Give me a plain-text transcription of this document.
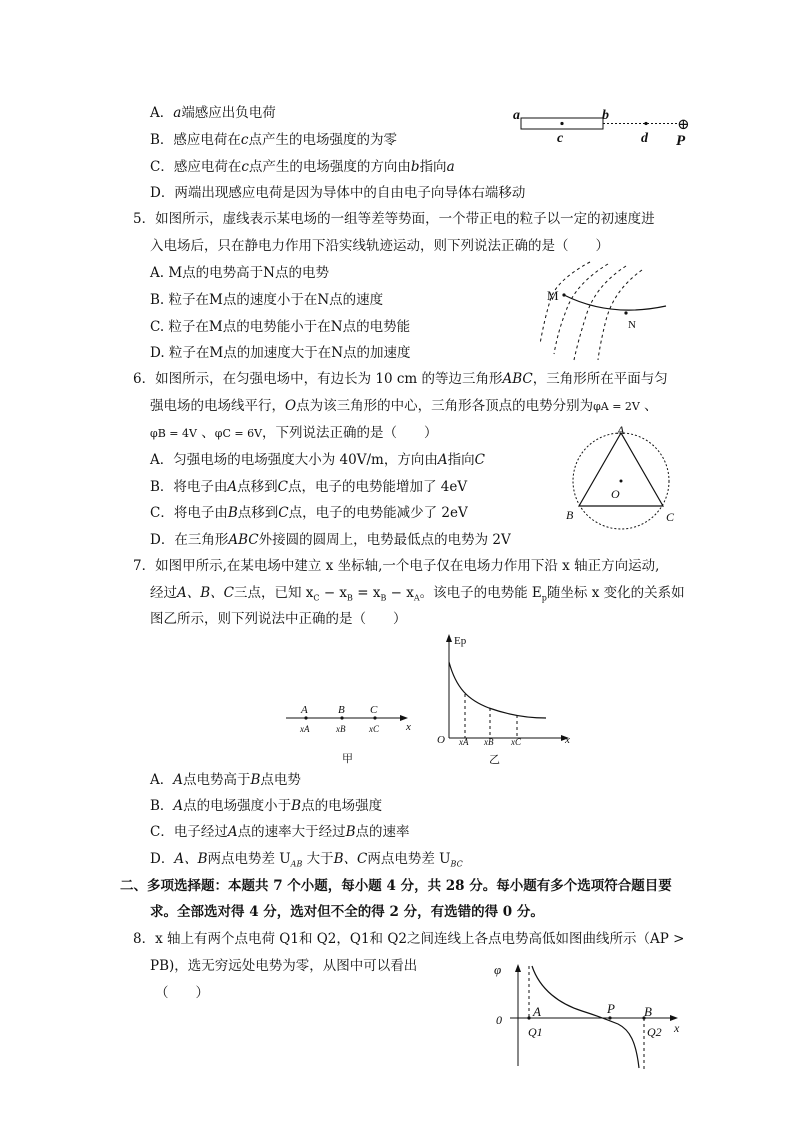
A．a端感应出负电荷
B．感应电荷在c点产生的电场强度的为零
C．感应电荷在c点产生的电场强度的方向由b指向a
D．两端出现感应电荷是因为导体中的自由电子向导体右端移动
a	b
c	d
⊕
P
5．如图所示，虚线表示某电场的一组等差等势面，一个带正电的粒子以一定的初速度进
入电场后，只在静电力作用下沿实线轨迹运动，则下列说法正确的是（　　）
A. M点的电势高于N点的电势
B. 粒子在M点的速度小于在N点的速度
C. 粒子在M点的电势能小于在N点的电势能
D. 粒子在M点的加速度大于在N点的加速度
M
N
6．如图所示，在匀强电场中，有边长为 10 cm 的等边三角形ABC，三角形所在平面与匀
强电场的电场线平行，O点为该三角形的中心，三角形各顶点的电势分别为φA = 2V 、
φB = 4V 、φC = 6V，下列说法正确的是（　　）
A．匀强电场的电场强度大小为 40V/m，方向由A指向C
B．将电子由A点移到C点，电子的电势能增加了 4eV
C．将电子由B点移到C点，电子的电势能减少了 2eV
D．在三角形ABC外接圆的圆周上，电势最低点的电势为 2V
A
B	C
O
7．如图甲所示,在某电场中建立 x 坐标轴,一个电子仅在电场力作用下沿 x 轴正方向运动,
经过A、B、C三点，已知 $x_C - x_B = x_B - x_A$。该电子的电势能 $E_p$随坐标 x 变化的关系如
图乙所示，则下列说法中正确的是（　　）
A	B C
xA	xB	xC x
甲
Ep
O xA xB xC	x
乙
A．A点电势高于B点电势
B．A点的电场强度小于B点的电场强度
C．电子经过A点的速率大于经过B点的速率
D．A、B两点电势差 $U_{AB}$ 大于B、C两点电势差 $U_{BC}$
二、多项选择题：本题共 7 个小题，每小题 4 分，共 28 分。每小题有多个选项符合题目要
求。全部选对得 4 分，选对但不全的得 2 分，有选错的得 0 分。
8．x 轴上有两个点电荷 Q1和 Q2，Q1和 Q2之间连线上各点电势高低如图曲线所示（AP >
PB)，选无穷远处电势为零，从图中可以看出
（　　）
φ
0
A	P B
Q1	Q2 x
